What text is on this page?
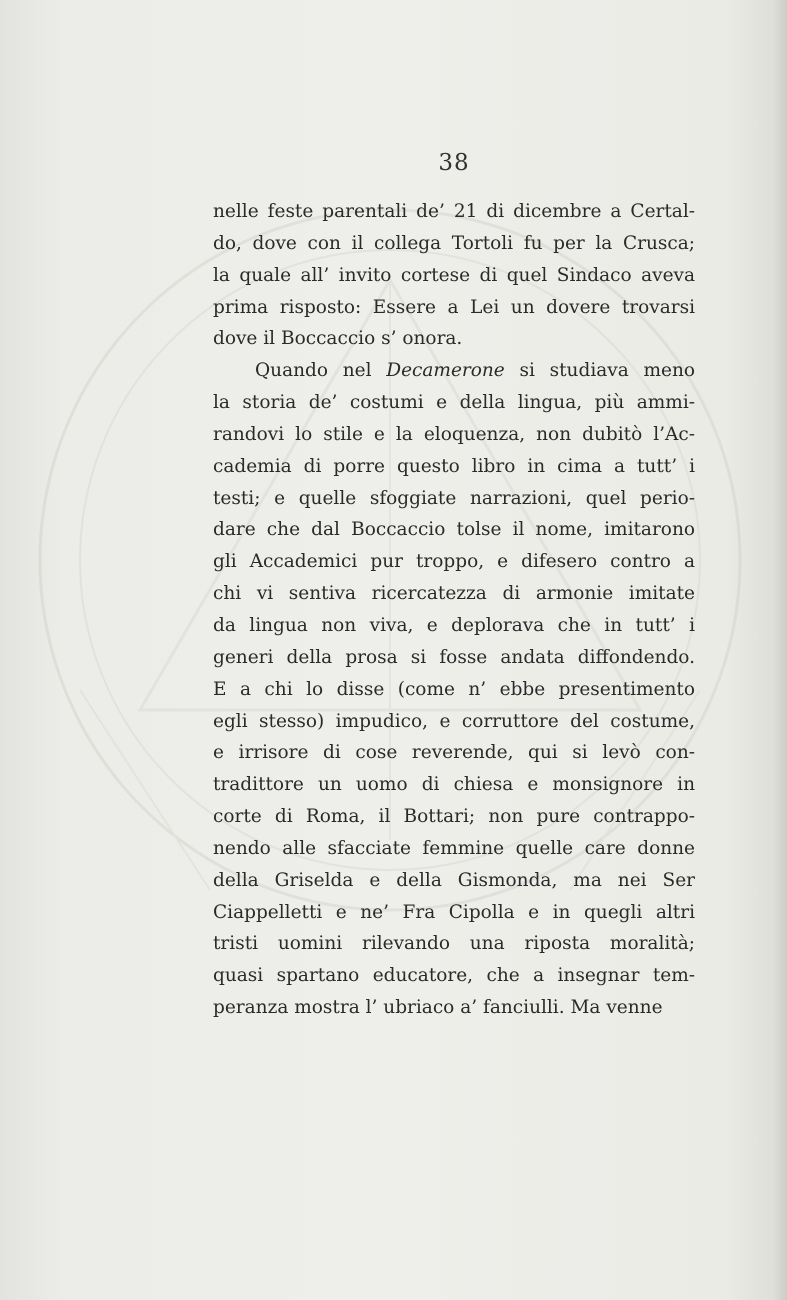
38
nelle feste parentali de’ 21 di dicembre a Certal-
do, dove con il collega Tortoli fu per la Crusca;
la quale all’ invito cortese di quel Sindaco aveva
prima risposto: Essere a Lei un dovere trovarsi
dove il Boccaccio s’ onora.
Quando nel Decamerone si studiava meno
la storia de’ costumi e della lingua, più ammi-
randovi lo stile e la eloquenza, non dubitò l’Ac-
cademia di porre questo libro in cima a tutt’ i
testi; e quelle sfoggiate narrazioni, quel perio-
dare che dal Boccaccio tolse il nome, imitarono
gli Accademici pur troppo, e difesero contro a
chi vi sentiva ricercatezza di armonie imitate
da lingua non viva, e deplorava che in tutt’ i
generi della prosa si fosse andata diffondendo.
E a chi lo disse (come n’ ebbe presentimento
egli stesso) impudico, e corruttore del costume,
e irrisore di cose reverende, qui si levò con-
tradittore un uomo di chiesa e monsignore in
corte di Roma, il Bottari; non pure contrappo-
nendo alle sfacciate femmine quelle care donne
della Griselda e della Gismonda, ma nei Ser
Ciappelletti e ne’ Fra Cipolla e in quegli altri
tristi uomini rilevando una riposta moralità;
quasi spartano educatore, che a insegnar tem-
peranza mostra l’ ubriaco a’ fanciulli. Ma venne
